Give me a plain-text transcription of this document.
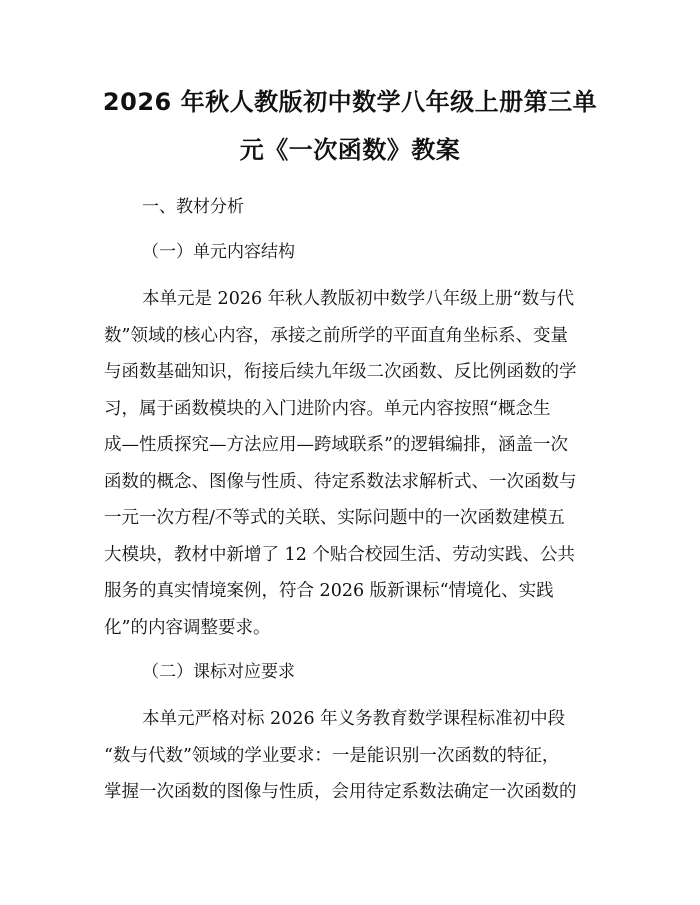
2026 年秋人教版初中数学八年级上册第三单
元《一次函数》教案
一、教材分析
（一）单元内容结构
本单元是 2026 年秋人教版初中数学八年级上册“数与代
数”领域的核心内容，承接之前所学的平面直角坐标系、变量
与函数基础知识，衔接后续九年级二次函数、反比例函数的学
习，属于函数模块的入门进阶内容。单元内容按照“概念生
成—性质探究—方法应用—跨域联系”的逻辑编排，涵盖一次
函数的概念、图像与性质、待定系数法求解析式、一次函数与
一元一次方程/不等式的关联、实际问题中的一次函数建模五
大模块，教材中新增了 12 个贴合校园生活、劳动实践、公共
服务的真实情境案例，符合 2026 版新课标“情境化、实践
化”的内容调整要求。
（二）课标对应要求
本单元严格对标 2026 年义务教育数学课程标准初中段
“数与代数”领域的学业要求：一是能识别一次函数的特征，
掌握一次函数的图像与性质，会用待定系数法确定一次函数的
